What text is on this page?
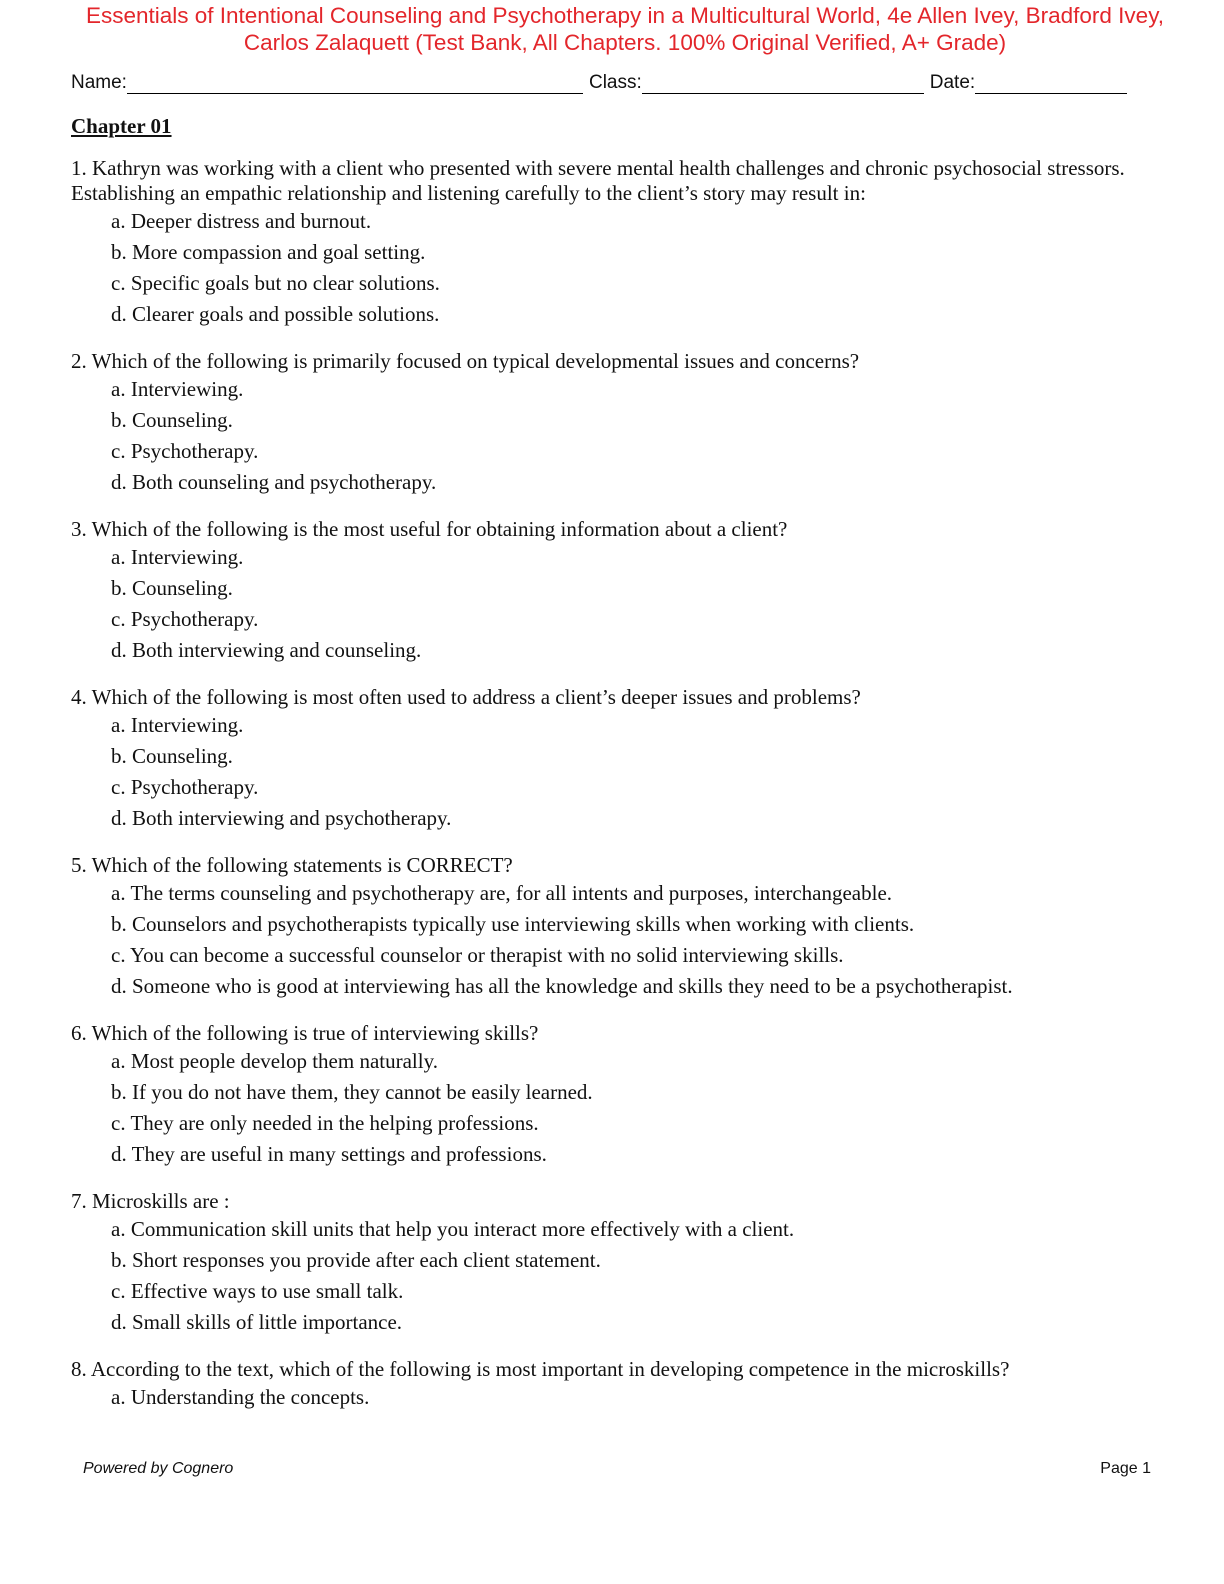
Essentials of Intentional Counseling and Psychotherapy in a Multicultural World, 4e Allen Ivey, Bradford Ivey, Carlos Zalaquett (Test Bank, All Chapters. 100% Original Verified, A+ Grade)
Name:	Class:	Date:
Chapter 01
1. Kathryn was working with a client who presented with severe mental health challenges and chronic psychosocial stressors. Establishing an empathic relationship and listening carefully to the client’s story may result in:
a. Deeper distress and burnout.
b. More compassion and goal setting.
c. Specific goals but no clear solutions.
d. Clearer goals and possible solutions.
2. Which of the following is primarily focused on typical developmental issues and concerns?
a. Interviewing.
b. Counseling.
c. Psychotherapy.
d. Both counseling and psychotherapy.
3. Which of the following is the most useful for obtaining information about a client?
a. Interviewing.
b. Counseling.
c. Psychotherapy.
d. Both interviewing and counseling.
4. Which of the following is most often used to address a client’s deeper issues and problems?
a. Interviewing.
b. Counseling.
c. Psychotherapy.
d. Both interviewing and psychotherapy.
5. Which of the following statements is CORRECT?
a. The terms counseling and psychotherapy are, for all intents and purposes, interchangeable.
b. Counselors and psychotherapists typically use interviewing skills when working with clients.
c. You can become a successful counselor or therapist with no solid interviewing skills.
d. Someone who is good at interviewing has all the knowledge and skills they need to be a psychotherapist.
6. Which of the following is true of interviewing skills?
a. Most people develop them naturally.
b. If you do not have them, they cannot be easily learned.
c. They are only needed in the helping professions.
d. They are useful in many settings and professions.
7. Microskills are :
a. Communication skill units that help you interact more effectively with a client.
b. Short responses you provide after each client statement.
c. Effective ways to use small talk.
d. Small skills of little importance.
8. According to the text, which of the following is most important in developing competence in the microskills?
a. Understanding the concepts.
Powered by Cognero	Page 1
